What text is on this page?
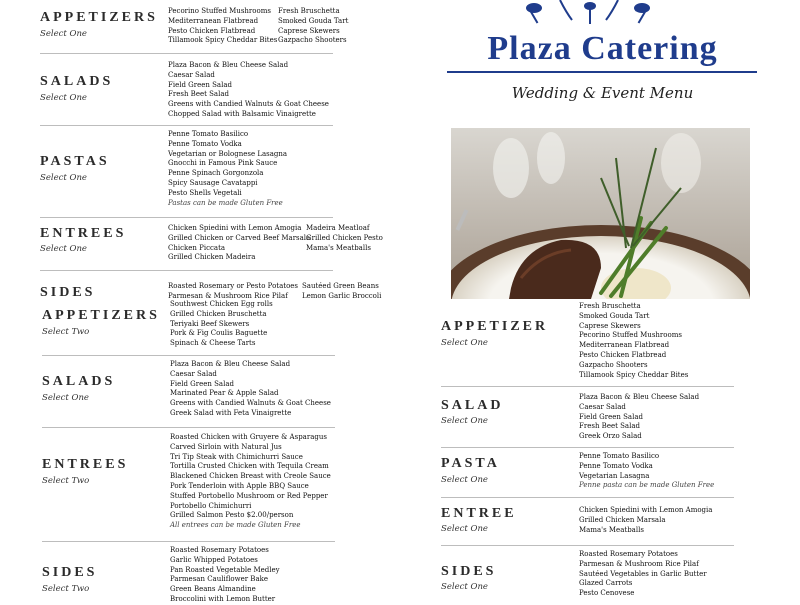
APPETIZERS
Select One
Pecorino Stuffed Mushrooms
Mediterranean Flatbread
Pesto Chicken Flatbread
Tillamook Spicy Cheddar Bites
Fresh Bruschetta
Smoked Gouda Tart
Caprese Skewers
Gazpacho Shooters
SALADS
Select One
Plaza Bacon & Bleu Cheese Salad
Caesar Salad
Field Green Salad
Fresh Beet Salad
Greens with Candied Walnuts & Goat Cheese
Chopped Salad with Balsamic Vinaigrette
PASTAS
Select One
Penne Tomato Basilico
Penne Tomato Vodka
Vegetarian or Bolognese Lasagna
Gnocchi in Famous Pink Sauce
Penne Spinach Gorgonzola
Spicy Sausage Cavatappi
Pesto Shells Vegetali
Pastas can be made Gluten Free
ENTREES
Select One
Chicken Spiedini with Lemon Amogia
Grilled Chicken or Carved Beef Marsala
Chicken Piccata
Grilled Chicken Madeira
Madeira Meatloaf
Grilled Chicken Pesto
Mama's Meatballs
SIDES	Roasted Rosemary or Pesto Potatoes
Parmesan & Mushroom Rice Pilaf
Sautéed Green Beans
Lemon Garlic Broccoli
APPETIZERS
Select Two
Southwest Chicken Egg rolls
Grilled Chicken Bruschetta
Teriyaki Beef Skewers
Pork & Fig Coulis Baguette
Spinach & Cheese Tarts
SALADS
Select One
Plaza Bacon & Bleu Cheese Salad
Caesar Salad
Field Green Salad
Marinated Pear & Apple Salad
Greens with Candied Walnuts & Goat Cheese
Greek Salad with Feta Vinaigrette
ENTREES
Select Two
Roasted Chicken with Gruyere & Asparagus
Carved Sirloin with Natural Jus
Tri Tip Steak with Chimichurri Sauce
Tortilla Crusted Chicken with Tequila Cream
Blackened Chicken Breast with Creole Sauce
Pork Tenderloin with Apple BBQ Sauce
Stuffed Portobello Mushroom or Red Pepper
Portobello Chimichurri
Grilled Salmon Pesto $2.00/person
All entrees can be made Gluten Free
SIDES
Select Two
Roasted Rosemary Potatoes
Garlic Whipped Potatoes
Pan Roasted Vegetable Medley
Parmesan Cauliflower Bake
Green Beans Almandine
Broccolini with Lemon Butter
Plaza Catering
Wedding & Event Menu
Fresh Bruschetta
Smoked Gouda Tart
Caprese Skewers
Pecorino Stuffed Mushrooms
Mediterranean Flatbread
Pesto Chicken Flatbread
Gazpacho Shooters
Tillamook Spicy Cheddar Bites
APPETIZER
Select One
SALAD
Select One
Plaza Bacon & Bleu Cheese Salad
Caesar Salad
Field Green Salad
Fresh Beet Salad
Greek Orzo Salad
PASTA
Select One
Penne Tomato Basilico
Penne Tomato Vodka
Vegetarian Lasagna
Penne pasta can be made Gluten Free
ENTREE
Select One
Chicken Spiedini with Lemon Amogia
Grilled Chicken Marsala
Mama's Meatballs
SIDES
Select One
Roasted Rosemary Potatoes
Parmesan & Mushroom Rice Pilaf
Sautéed Vegetables in Garlic Butter
Glazed Carrots
Pesto Cenovese
